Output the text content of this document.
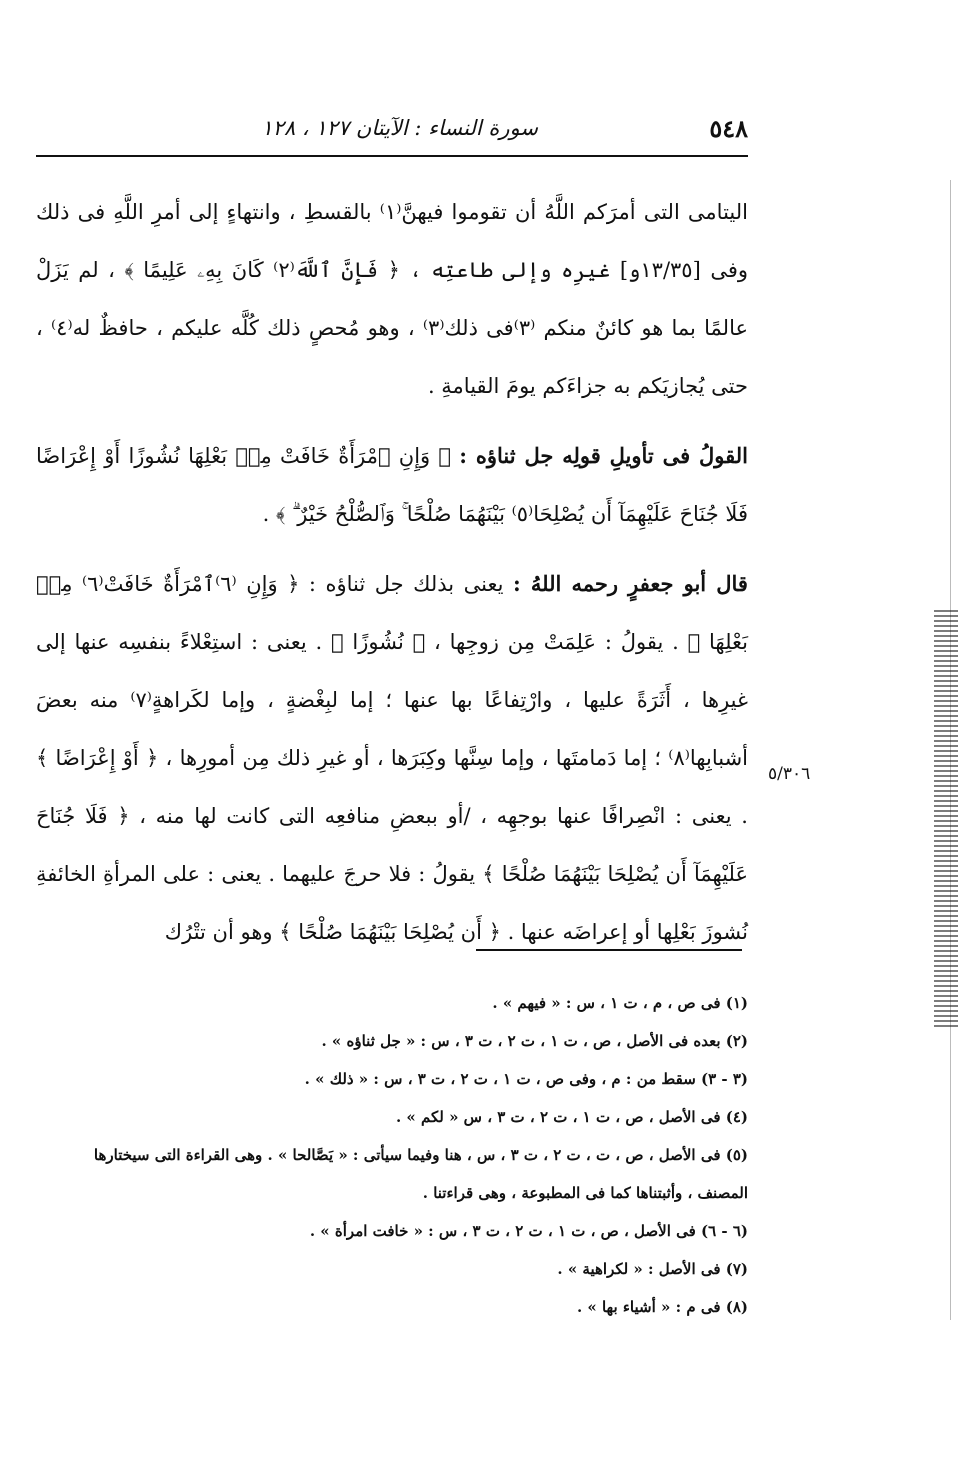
٥٤٨
سورة النساء : الآيتان ١٢٧ ، ١٢٨

اليتامى التى أمرَكم اللَّهُ أن تقوموا فيهنَّ⁽١⁾ بالقسطِ ، وانتهاءٍ إلى أمرِ اللَّهِ فى ذلك وفى [١٣/٣٥و] غيرِه وإلى طاعتِه ، ﴿ فَإِنَّ ٱللَّهَ⁽٢⁾ كَانَ بِهِۦ عَلِيمًا ﴾ ، لم يَزَلْ عالمًا بما هو كائنٌ منكم ⁽٣⁾فى ذلك⁽٣⁾ ، وهو مُحصٍ ذلك كُلَّه عليكم ، حافظٌ له⁽٤⁾ ، حتى يُجازيَكم به جزاءَكم يومَ القيامةِ .

القولُ فى تأويلِ قولِه جل ثناؤه : ﴿ وَإِنِ ٱمْرَأَةٌ خَافَتْ مِنۢ بَعْلِهَا نُشُوزًا أَوْ إِعْرَاضًا فَلَا جُنَاحَ عَلَيْهِمَآ أَن يُصْلِحَا⁽٥⁾ بَيْنَهُمَا صُلْحًا ۚ وَٱلصُّلْحُ خَيْرٌ ۗ ﴾ .

قال أبو جعفرٍ رحمه اللهُ : يعنى بذلك جل ثناؤه : ﴿ وَإِنِ ⁽٦⁾ٱمْرَأَةٌ خَافَتْ⁽٦⁾ مِنۢ بَعْلِهَا ﴾ . يقولُ : عَلِمَتْ مِن زوجِها ، ﴿ نُشُوزًا ﴾ . يعنى : استِعْلاءً بنفسِه عنها إلى غيرِها ، أَثَرَةً عليها ، وارْتِفاعًا بها عنها ؛ إما لبِغْضةٍ ، وإما لكَراهةٍ⁽٧⁾ منه بعضَ أشبابِها⁽٨⁾ ؛ إما دَمامتَها ، وإما سِنَّها وكِبَرَها ، أو غيرِ ذلك مِن أمورِها ، ﴿ أَوْ إِعْرَاضًا ﴾ . يعنى : انْصِرافًا عنها بوجهِه ، /أو ببعضِ منافعِه التى كانت لها منه ، ﴿ فَلَا جُنَاحَ عَلَيْهِمَآ أَن يُصْلِحَا بَيْنَهُمَا صُلْحًا ﴾ يقولُ : فلا حرجَ عليهما . يعنى : على المرأةِ الخائفةِ نُشوزَ بَعْلِها أو إعراضَه عنها . ﴿ أَن يُصْلِحَا بَيْنَهُمَا صُلْحًا ﴾ وهو أن تتْرُك

٥/٣٠٦

(١) فى ص ، م ، ت ١ ، س : « فيهم » .

(٢) بعده فى الأصل ، ص ، ت ١ ، ت ٢ ، ت ٣ ، س : « جل ثناؤه » .

(٣ - ٣) سقط من : م ، وفى ص ، ت ١ ، ت ٢ ، ت ٣ ، س : « ذلك » .

(٤) فى الأصل ، ص ، ت ١ ، ت ٢ ، ت ٣ ، س « لكم » .

(٥) فى الأصل ، ص ، ت ، ت ٢ ، ت ٣ ، س ، هنا وفيما سيأتى : « يَصَّالحا » . وهى القراءة التى سيختارها

المصنف ، وأثبتناها كما فى المطبوعة ، وهى قراءتنا .

(٦ - ٦) فى الأصل ، ص ، ت ١ ، ت ٢ ، ت ٣ ، س : « خافت امرأة » .

(٧) فى الأصل : « لكراهية » .

(٨) فى م : « أشياء بها » .
